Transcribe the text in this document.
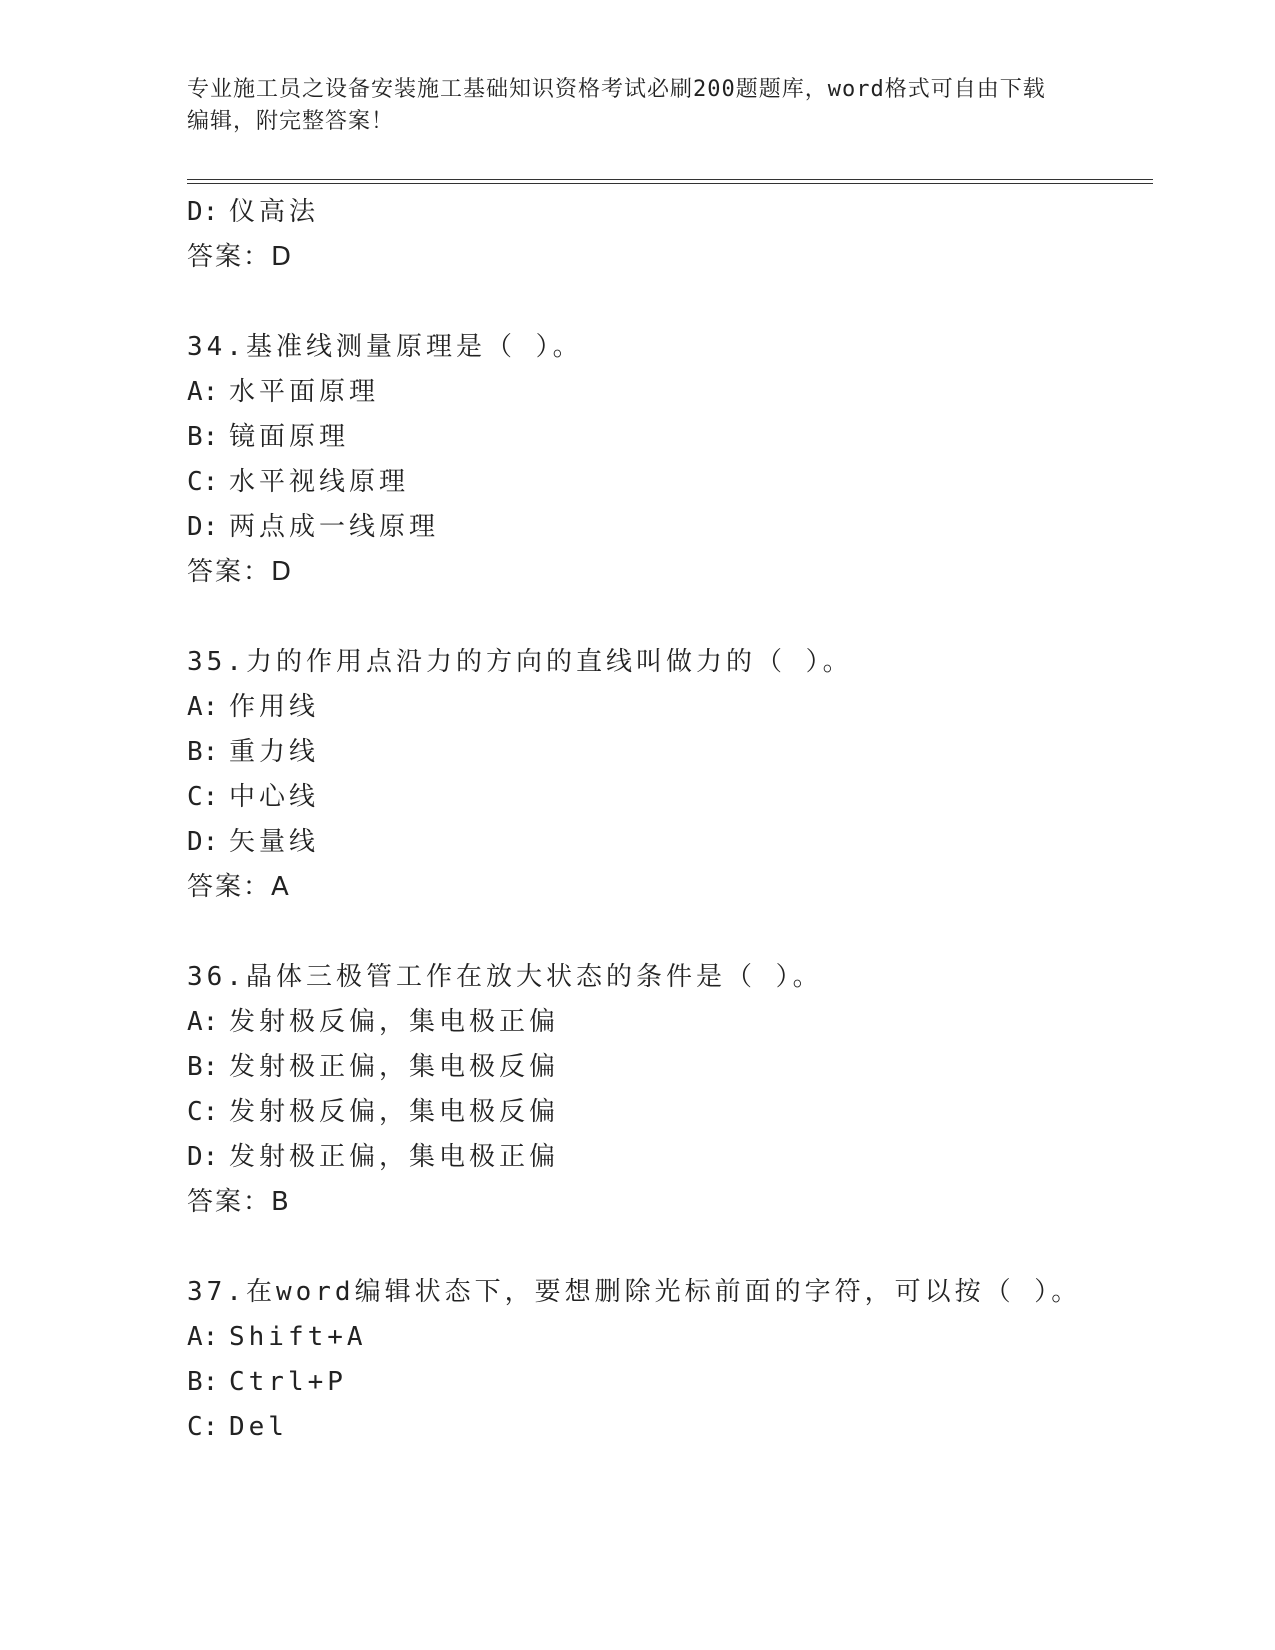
专业施工员之设备安装施工基础知识资格考试必刷200题题库，word格式可自由下载编辑，附完整答案！
D: 仪高法
答案：D
34.基准线测量原理是（ ）。
A: 水平面原理
B: 镜面原理
C: 水平视线原理
D: 两点成一线原理
答案：D
35.力的作用点沿力的方向的直线叫做力的（ ）。
A: 作用线
B: 重力线
C: 中心线
D: 矢量线
答案：A
36.晶体三极管工作在放大状态的条件是（ ）。
A: 发射极反偏，集电极正偏
B: 发射极正偏，集电极反偏
C: 发射极反偏，集电极反偏
D: 发射极正偏，集电极正偏
答案：B
37.在word编辑状态下，要想删除光标前面的字符，可以按（ ）。
A: Shift+A
B: Ctrl+P
C: Del
